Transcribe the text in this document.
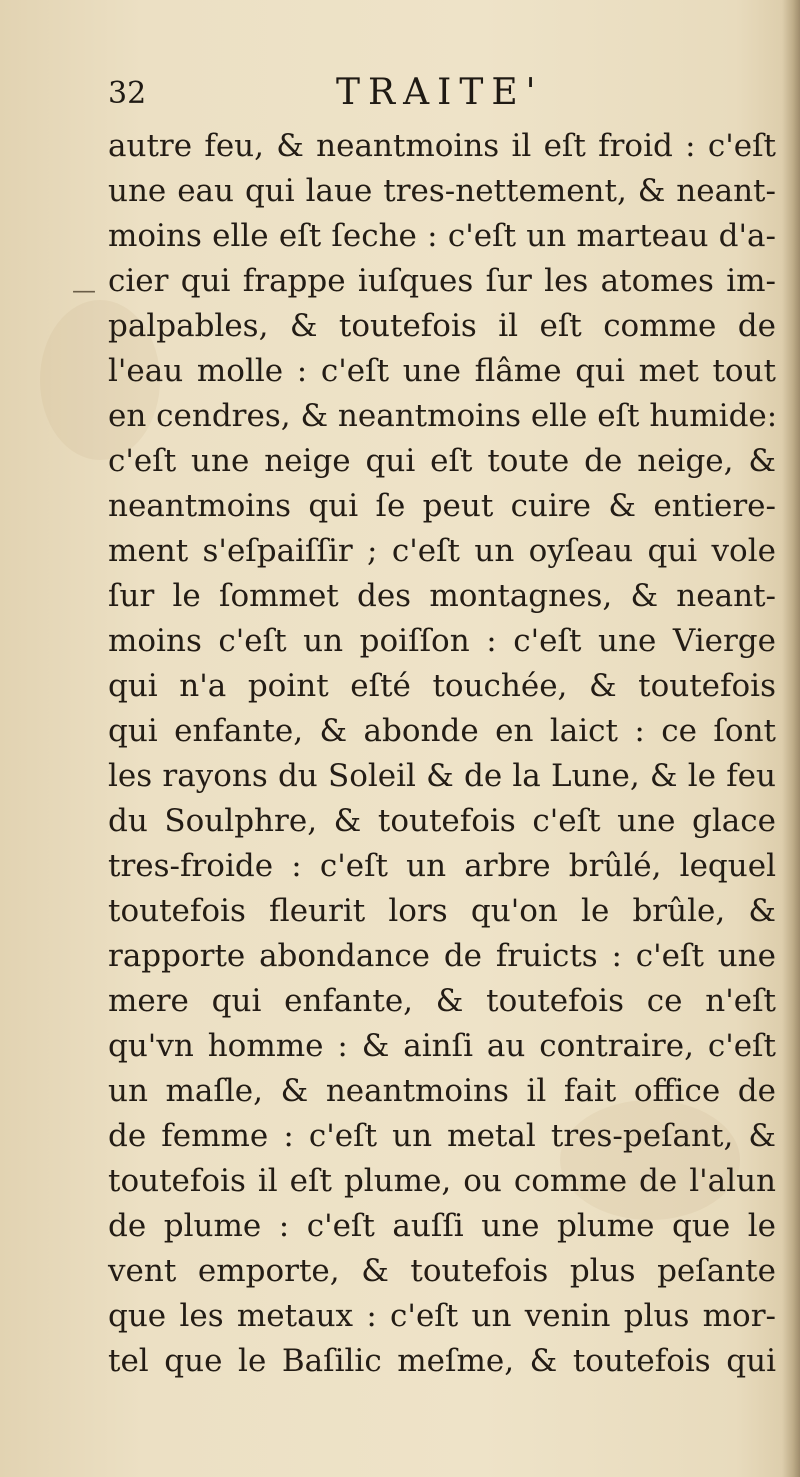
32	TRAITE'
—
autre feu, & neantmoins il eſt froid : c'eſt
une eau qui laue tres-nettement, & neant-
moins elle eſt ſeche : c'eſt un marteau d'a-
cier qui frappe iuſques ſur les atomes im-
palpables, & toutefois il eſt comme de
l'eau molle : c'eſt une flâme qui met tout
en cendres, & neantmoins elle eſt humide:
c'eſt une neige qui eſt toute de neige, &
neantmoins qui ſe peut cuire & entiere-
ment s'eſpaiſſir ; c'eſt un oyſeau qui vole
ſur le ſommet des montagnes, & neant-
moins c'eſt un poiſſon : c'eſt une Vierge
qui n'a point eſté touchée, & toutefois
qui enfante, & abonde en laict : ce ſont
les rayons du Soleil & de la Lune, & le feu
du Soulphre, & toutefois c'eſt une glace
tres-froide : c'eſt un arbre brûlé, lequel
toutefois fleurit lors qu'on le brûle, &
rapporte abondance de fruicts : c'eſt une
mere qui enfante, & toutefois ce n'eſt
qu'vn homme : & ainſi au contraire, c'eſt
un maſle, & neantmoins il fait office de
de femme : c'eſt un metal tres-peſant, &
toutefois il eſt plume, ou comme de l'alun
de plume : c'eſt auſſi une plume que le
vent emporte, & toutefois plus peſante
que les metaux : c'eſt un venin plus mor-
tel que le Baſilic meſme, & toutefois qui
